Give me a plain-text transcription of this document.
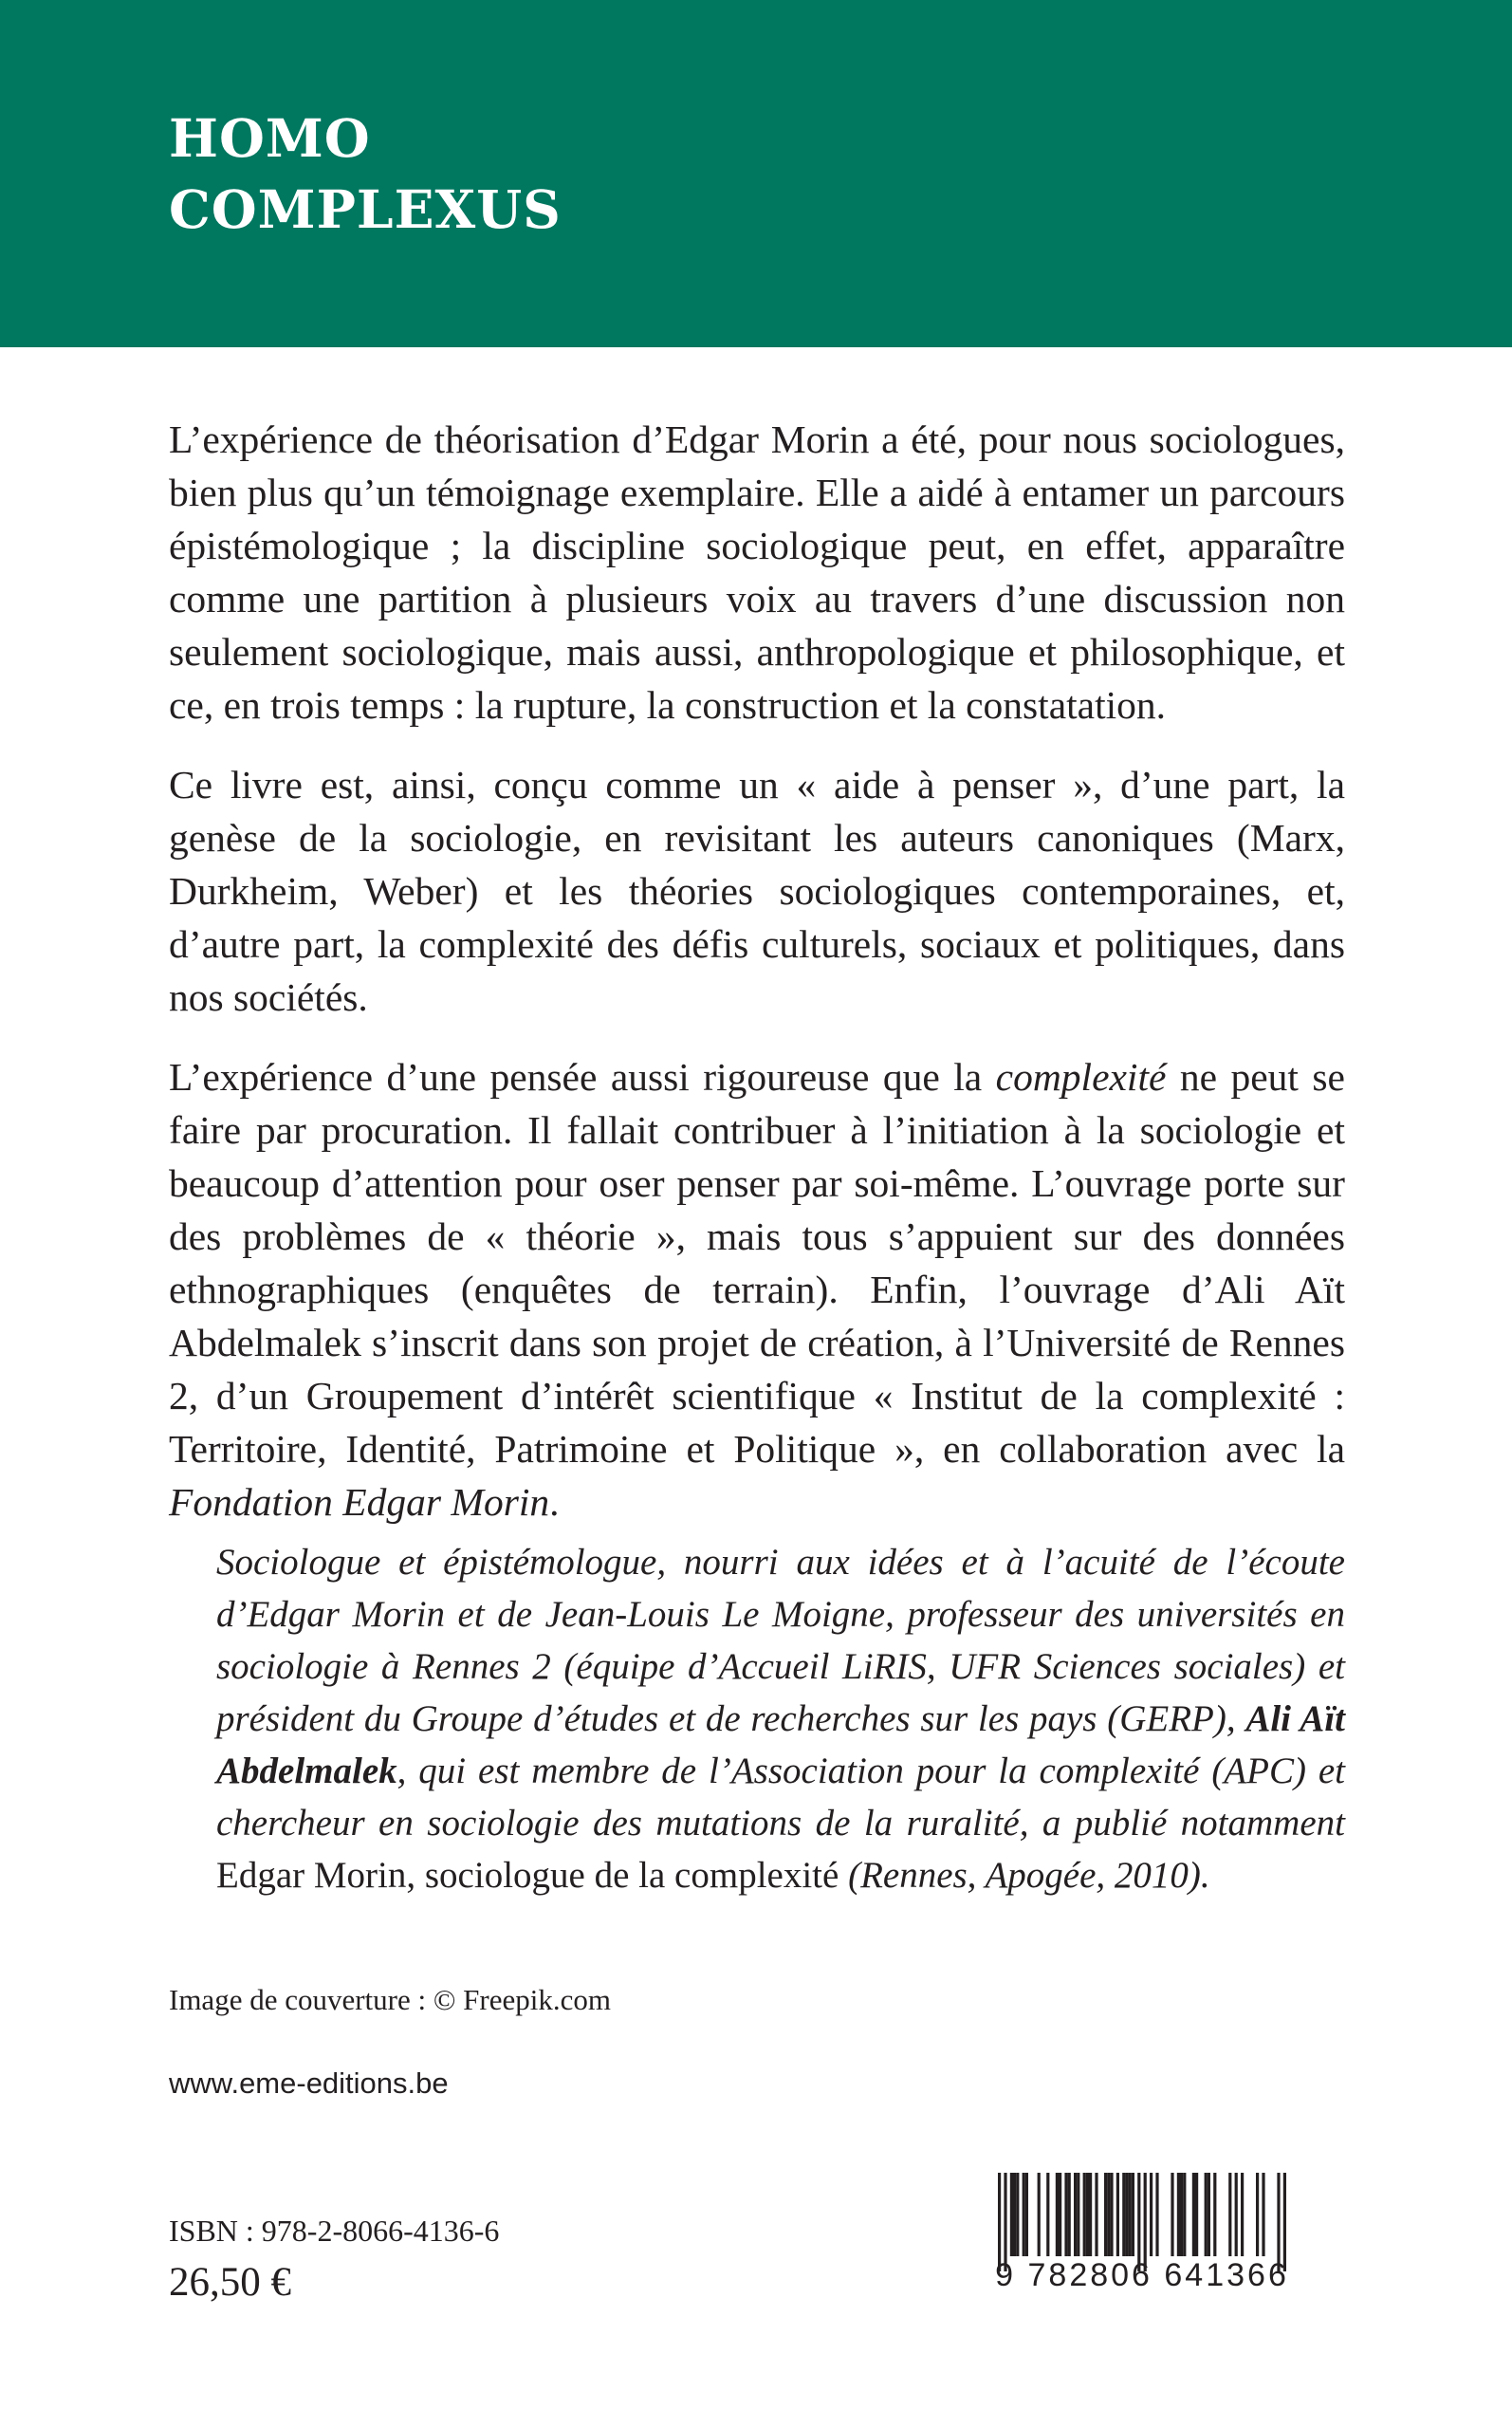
HOMO
COMPLEXUS

L’expérience de théorisation d’Edgar Morin a été, pour nous sociologues, bien plus qu’un témoignage exemplaire. Elle a aidé à entamer un parcours épistémologique ; la discipline sociologique peut, en effet, apparaître comme une partition à plusieurs voix au travers d’une discussion non seulement sociologique, mais aussi, anthropologique et philosophique, et ce, en trois temps : la rupture, la construction et la constatation.

Ce livre est, ainsi, conçu comme un « aide à penser », d’une part, la genèse de la sociologie, en revisitant les auteurs canoniques (Marx, Durkheim, Weber) et les théories sociologiques contemporaines, et, d’autre part, la complexité des défis culturels, sociaux et politiques, dans nos sociétés.

L’expérience d’une pensée aussi rigoureuse que la complexité ne peut se faire par procuration. Il fallait contribuer à l’initiation à la sociologie et beaucoup d’attention pour oser penser par soi-même. L’ouvrage porte sur des problèmes de « théorie », mais tous s’appuient sur des données ethnographiques (enquêtes de terrain). Enfin, l’ouvrage d’Ali Aït Abdelmalek s’inscrit dans son projet de création, à l’Université de Rennes 2, d’un Groupement d’intérêt scientifique « Institut de la complexité : Territoire, Identité, Patrimoine et Politique », en collaboration avec la Fondation Edgar Morin.

Sociologue et épistémologue, nourri aux idées et à l’acuité de l’écoute d’Edgar Morin et de Jean-Louis Le Moigne, professeur des universités en sociologie à Rennes 2 (équipe d’Accueil LiRIS, UFR Sciences sociales) et président du Groupe d’études et de recherches sur les pays (GERP), Ali Aït Abdelmalek, qui est membre de l’Association pour la complexité (APC) et chercheur en sociologie des mutations de la ruralité, a publié notamment Edgar Morin, sociologue de la complexité (Rennes, Apogée, 2010).
Image de couverture : © Freepik.com
www.eme-editions.be
ISBN : 978-2-8066-4136-6
26,50 €	9 782806 641366
